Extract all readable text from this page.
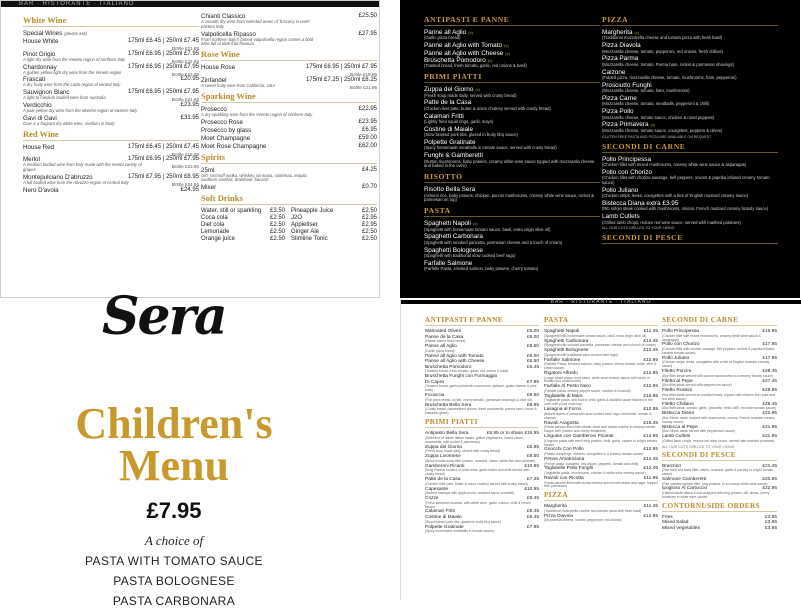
BAR · RISTORANTE · ITALIANO
White Wine
Special Wines (please ask)
House White	175ml £6.45 | 250ml £7.45
Bottle £21.85

Pinot Grigio	175ml £6.95 | 250ml £7.95
Bottle £22.95
A light dry wine from the Veneto region of northern Italy
Chardonnay	175ml £6.95 | 250ml £7.95
Bottle £23.95
A golden yellow light dry wine from the Veneto region
Frascati	£20.95
A dry fruity wine from the Lazio region of central Italy
Sauvignon Blanc	175ml £6.95 | 250ml £7.95
Bottle £21.85
A light to medium bodied wine from Australia
Verdicchio	£23.95
A pale yellow dry wine from the Marche region of eastern Italy
Gavi di Gavi	£31.95
Gavi is a fragrant dry white wine, medium in body
Red Wine
House Red	175ml £6.45 | 250ml £7.45
Bottle £18.95

Merlot	175ml £6.95 | 250ml £7.95
Bottle £23.95
A medium bodied wine from Italy made with the merlot variety of grapes
Montepulciano D'abruzzo	175ml £7.95 | 250ml £8.95
Bottle £24.95
A full bodied wine from the Abruzzo region of central Italy
Nero D'avola	£24.95
Chianti Classico	£25.50
A smooth dry wine from selected areas of Tuscany in north eastern Italy
Valpolicella Ripasso	£27.95
From northern Italy's famed Valpolicella region comes a bold wine full of dark fruit flavours
Rose Wine
House Rose	175ml £6.95 | 250ml £7.95
Bottle £19.95

Zinfandel	175ml £7.25 | 250ml £8.25
Bottle £21.95
A sweet fruity wine from California, USA
Sparking Wine
Prosecco	£22.95
A dry sparkling wine from the Veneto region of northern Italy
Prosecco Rose	£23.95
Prosecco by glass	£6.95
Moet Champagne	£59.00
Moet Rose Champagne	£62.00
Spirits
25ml	£4.25
Gin, smirnoff vodka, whiskey, tia maria, cointreau, tequila, southern comfort, drambuie, bacardi
Mixer	£0.70
Soft Drinks
Water, still or sparkling £3.50
Coca cola	£2.50
Diet cola	£2.50
Lemonade	£2.50
Orange juice	£2.50
Pineapple Juice	£2.50
J2O	£2.95
Appletiser	£2.95
Ginger Ale	£2.50
Slimline Tonic	£2.50
ANTIPASTI E PANNE
Panne all Aglio (v)
(Garlic pizza bread)
Panne all Aglio with Tomato (v)
Panne all Aglio with Cheese (v)
Bruschetta Pomodoro (v)
(Toasted bread, fresh tomato, garlic, red onions & basil)
PRIMI PIATTI
Zuppa del Giorno (v)
(Fresh soup made daily, served with crusty bread)
Patte de la Casa
(Chicken liver pate, butter & onion chutney served with crusty bread)
Calamari Fritti
(Lightly fried squid rings, garlic mayo)
Costine di Maiale
(Slow braised pork ribs, glazed in fruity bbq sauce)
Polpette Gratinate
(Spicy homemade meatballs in tomato sauce, served with crusty bread)
Funghi & Gamberetti
(Button mushrooms, baby prawns, creamy white wine sauce topped with mozzarella cheese and baked in the oven)
RISOTTO
Risotto Bella Sera
(Arborio rice, baby prawns, chicken, porcini mushrooms, creamy white wine sauce, rocket & parmesan on top)
PASTA
Spaghetti Napoli (v)
(Spaghetti with homemade tomato sauce, basil, extra virgin olive oil)
Spaghetti Carbonara
(Spaghetti with smoked pancetta, parmesan cheese and a touch of cream)
Spaghetti Bolognese
(Spaghetti with traditional slow cooked beef ragu)
Farfalle Salmone
(Farfalle Pasta, smoked salmon, baby prawns, cherry tomato)
PIZZA
Margherita (v)
(Traditional mozzarella cheese and tomato pizza with fresh basil)
Pizza Diavola
(Mozzarella cheese, tomato, pepperoni, red onions, fresh chillies)
Pizza Parma
(Mozzarella cheese, tomato, Parma ham, rocket & parmesan shavings)
Calzone
(Folded pizza, mozzarella cheese, tomato, mushrooms, ham, pepperoni)
Prosciutto Funghi
(Mozzarella cheese, tomato, ham, mushrooms)
Pizza Carne
(Mozzarella cheese, tomato, meatballs, pepperoni & chilli)
Pizza Pollo
(Mozzarella cheese, tomato sauce, chicken & roast peppers)
Pizza Primavera (v)
(Mozzarella cheese, tomato sauce, courgettes, peppers & olives)
GLUTEN FREE PASTA AND PIZZA ARE AVAILABLE ON REQUEST
SECONDI DI CARNE
Pollo Principessa
(Chicken fillet with mixed mushrooms, creamy white wine sauce & asparagus)
Pollo con Chorizo
(Chicken fillet with chorizo sausage, bell peppers, onions & paprika infused creamy tomato sauce)
Pollo Juliano
(Chicken strips, leeks, courgettes with a hint of English mustard creamy sauce)
Bistecca Diana extra £3.95
(Rib sirloin steak cooked with mushrooms, onions, French mustard creamy brandy sauce)
Lamb Cutlets
(Grilled lamb chops, reduce red wine sauce, served with mashed potatoes)
ALL OUR CUTS GRILLED TO YOUR LIKING
SECONDI DI PESCE
Sera
Children's
Menu
£7.95
A choice of
PASTA WITH TOMATO SAUCE
PASTA BOLOGNESE
PASTA CARBONARA
BAR · RISTORANTE · ITALIANO
ANTIPASTI E PANNE
Marinated Olives	£5.00
Panne de la Casa	£6.00
(House baked fresh bread)
Panne all Aglio	£5.50
(Garlic pizza bread)
Panne all Aglio with Tomato	£6.00
Panne all Aglio with Cheese	£6.50
Bruschetta Pomodoro	£6.45
(Toasted bread, fresh tomato, garlic, red onions & basil)
Bruschetta Funghi con Formaggio
Di Capra	£7.95
(Toasted bread, garlic portobello mushroom, spinach, goats cheese & pine nuts)
Focaccia	£8.50
(Flat pizza bread, rocket, cherry tomato, parmesan shavings & olive oil)
Bruschetta Bella Sera	£8.95
(Crusty bread, caramelised onions, fresh mozzarella, parma ham, rocket & balsamic glaze)
PRIMI PIATTI
Antipasto Bella Sera	£9.95 or to share £16.95
(Selection of Italian Italian meats, grilled vegetables, mixed olives, mozzarella, with rocket & parmesan)
Zuppa del Giorno	£5.95
(Fresh soup made daily, served with crusty bread)
Zuppa Livornese	£8.50
(Spicy tomato soup with prawns, mussels, clams, white fish and calamari)
Gamberoni Picanti	£10.95
(King Prawns cooked in white wine, garlic butter and chilli served with crusty bread)
Patte de la Casa	£7.45
(Chicken liver pate, butter & onion chutney served with crusty bread)
Capesante	£10.95
(Seared scallops with apple puree, smoked bacon crumble)
Cozze	£9.45
(Fresh steamed mussels, with white wine, garlic, onions, chilli & cream sauce)
Calamari Fritti	£8.45
Costine di Maiale	£8.45
(Slow braised pork ribs, glazed in fruity bbq sauce)
Polpette Gratinate	£7.95
(Spicy homemade meatballs in tomato sauce)
PASTA
Spaghetti Napoli	£11.45
(Spaghetti with homemade tomato sauce, basil, extra virgin olive oil)
Spaghetti Carbonara	£12.45
(Spaghetti with smoked pancetta, parmesan cheese and a touch of cream)
Spaghetti Bolognese	£12.45
(Spaghetti with traditional slow cooked beef ragu)
Farfalle Salmone	£12.95
(Farfalle Pasta, smoked salmon, baby prawns, cherry tomato, white wine & cream sauce)
Rigatoni Alfredo	£12.95
(Large tubed pasta, beef strips, white wine creamy sauce with touch of tomato and mushrooms)
Farfalle Al Pesto Nero	£12.95
(Farfalle pasta, creamy pepper sauce, chicken & broccoli)
Tagliatelle di Mare	£15.95
(Tagliatelle pasta, sea food in chilli, garlic & shallots sauce finished in the oven with pizza crust top)
Lasagna al Forno	£12.95
(Baked layers of pasta with slow cooked beef ragu, bechamel, tomato & cheese)
Ravioli Aragosta	£15.45
(Pasta parcels filled with lobster meat and ricotta cheese in creamy lobster bisque with prawns and cherry tomatoes)
Linguine con Gamberoni Picante	£14.95
(Linguine pasta with fresh king prawns, chilli, garlic, capers in a light tomato sauce)
Gnocchi Con Pollo	£12.95
(Potato dumplings, chicken, courgettes in a creamy tomato sauce)
Penne Amatriciana	£12.45
(Penne pasta, pancetta, red onions, peppers, tomato and chilli)
Tagliatelle Pollo Funghi	£12.45
(Tagliatelle pasta, mushrooms, chicken & white wine creamy sauce)
Ravioli con Ricotta	£11.95
(Pasta parcels filled with ricotta cheese served with butter and sage, topped with parmesan)
PIZZA
Margherita	£11.45
(Traditional mozzarella cheese and tomato pizza with fresh basil)
Pizza Diavola	£12.95
(Mozzarella cheese, tomato, pepperoni, red onions)
SECONDI DI CARNE
Pollo Principessa	£16.95
(Chicken fillet with mixed mushrooms, creamy white wine sauce & asparagus)
Pollo con Chorizo	£17.95
(Chicken fillet with chorizo sausage, bell peppers, onions & paprika infused creamy tomato sauce)
Pollo Juliano	£17.95
(Chicken strips, leeks, courgettes with a hint of English mustard creamy sauce)
Filetto Porcini	£28.45
(8oz fillet steak served with porcini mushrooms in a creamy brandy sauce)
Filetto al Pepe	£27.45
(8oz fillet steak served with peppercorn sauce)
Filetto Rossini	£28.95
(8oz fillet steak served on toasted bread, topped with chicken liver pate and red wine sauce)
Filetto Chiliano	£28.45
(8oz fillet steak, tomato, garlic, pancetta, fresh chilli, red wine tomato sauce)
Bistecca Diana	£22.95
(8oz Sirloin steak cooked with mushrooms, onions, French mustard creamy brandy sauce)
Bistecca al Pepe	£21.95
(8oz Sirloin steak served with peppercorn sauce)
Lamb Cutlets	£21.95
(Grilled lamb chops, reduce red wine sauce, served with mashed potatoes)
ALL OUR CUTS GRILLED TO YOUR LIKING
SECONDI DI PESCE
Branzino	£21.45
(Pan fried sea bass fillet, clams, mussels, garlic & parsley in a light tomato sauce)
Salmone Gamberetti	£20.95
(Pan roasted salmon fillet, king prawns, in a creamy white wine sauce)
Ipogloso Al Cartoccio	£22.95
(Halibut steak baked in foil wrapped with king prawns, dill, olives, cherry tomatoes in white wine sauce)
CONTORNI/SIDE ORDERS
Fries	£3.95
Mixed Salad	£3.95
Mixed Vegetables	£3.95
